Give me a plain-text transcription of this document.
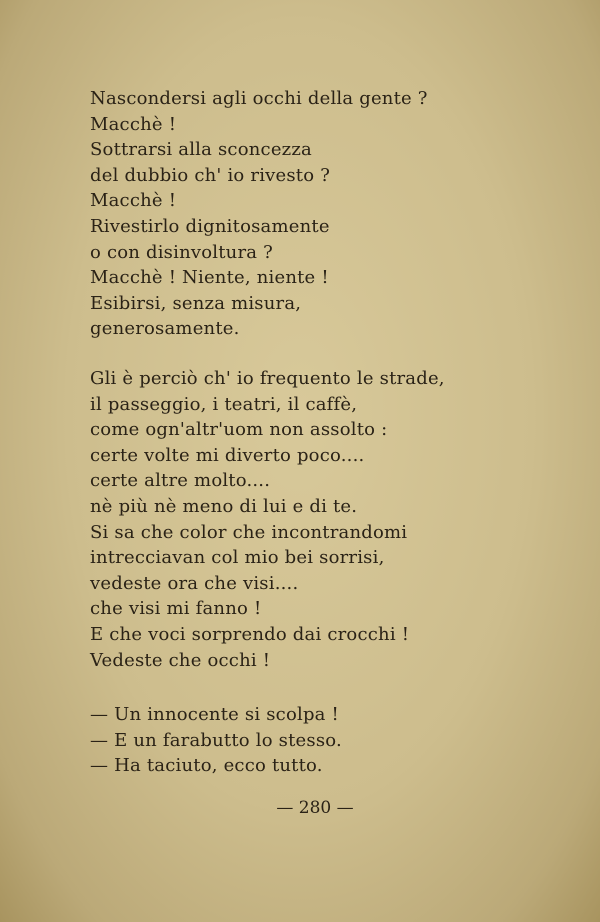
Nascondersi agli occhi della gente ?
Macchè !
Sottrarsi alla sconcezza
del dubbio ch' io rivesto ?
Macchè !
Rivestirlo dignitosamente
o con disinvoltura ?
Macchè ! Niente, niente !
Esibirsi, senza misura,
generosamente.
Gli è perciò ch' io frequento le strade,
il passeggio, i teatri, il caffè,
come ogn'altr'uom non assolto :
certe volte mi diverto poco....
certe altre molto....
nè più nè meno di lui e di te.
Si sa che color che incontrandomi
intrecciavan col mio bei sorrisi,
vedeste ora che visi....
che visi mi fanno !
E che voci sorprendo dai crocchi !
Vedeste che occhi !
— Un innocente si scolpa !
— E un farabutto lo stesso.
— Ha taciuto, ecco tutto.
— 280 —
